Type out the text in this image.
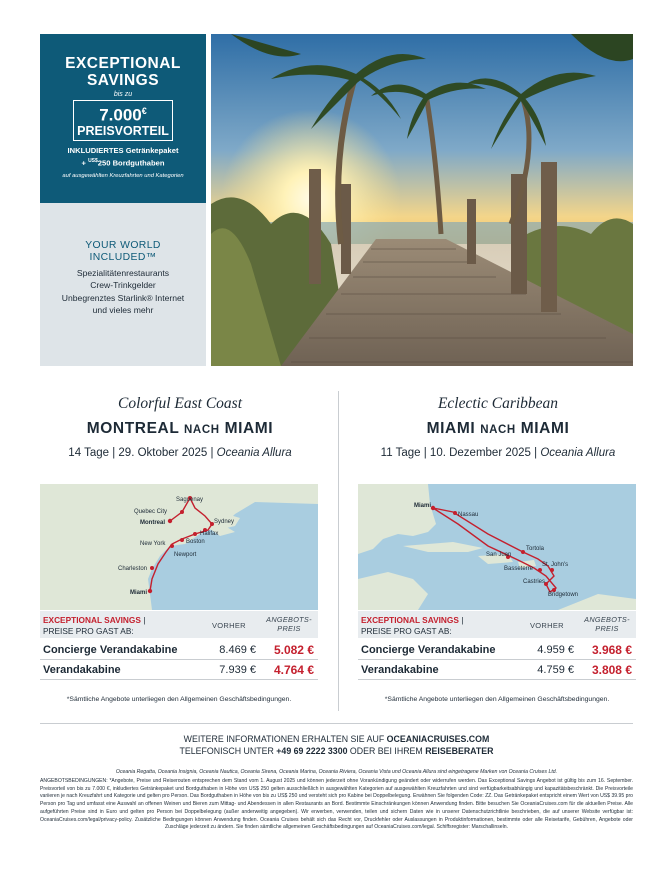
EXCEPTIONAL
SAVINGS
bis zu
7.000€
PREISVORTEIL
INKLUDIERTES Getränkepaket
+ $^{US\$}$250 Bordguthaben
auf ausgewählten Kreuzfahrten und Kategorien
YOUR WORLD
INCLUDED™
Spezialitätenrestaurants
Crew-Trinkgelder
Unbegrenztes Starlink® Internet
und vieles mehr
Colorful East Coast
MONTREAL NACH MIAMI
14 Tage | 29. Oktober 2025 | Oceania Allura
Saguenay
Quebec City
Montreal	Sydney
Halifax
Boston
New York
Newport
Charleston
Miami
EXCEPTIONAL SAVINGS |
PREISE PRO GAST AB:
VORHER
ANGEBOTS-
PREIS
Concierge Verandakabine	8.469 €	5.082 €
Verandakabine	7.939 €	4.764 €
*Sämtliche Angebote unterliegen den Allgemeinen Geschäftsbedingungen.
Eclectic Caribbean
MIAMI NACH MIAMI
11 Tage | 10. Dezember 2025 | Oceania Allura
Miami
Nassau
Tortola
San Juan
St. John's
Basseterre
Castries
Bridgetown
EXCEPTIONAL SAVINGS |
PREISE PRO GAST AB:
VORHER
ANGEBOTS-
PREIS
Concierge Verandakabine	4.959 €	3.968 €
Verandakabine	4.759 €	3.808 €
*Sämtliche Angebote unterliegen den Allgemeinen Geschäftsbedingungen.
WEITERE INFORMATIONEN ERHALTEN SIE AUF OCEANIACRUISES.COM
TELEFONISCH UNTER +49 69 2222 3300 ODER BEI IHREM REISEBERATER
Oceania Regatta, Oceania Insignia, Oceania Nautica, Oceania Sirena, Oceania Marina, Oceania Riviera, Oceania Vista und Oceania Allura sind eingetragene Marken von Oceania Cruises Ltd.
ANGEBOTSBEDINGUNGEN: *Angebote, Preise und Reiserouten entsprechen dem Stand vom 1. August 2025 und können jederzeit ohne Vorankündigung geändert oder widerrufen werden. Das Exceptional Savings Angebot ist gültig bis zum 16. September. Preisvorteil von bis zu 7.000 €, inkludiertes Getränkepaket und Bordguthaben in Höhe von US$ 250 gelten ausschließlich in ausgewählten Kategorien auf ausgewählten Kreuzfahrten und sind verfügbarkeitsabhängig und kapazitätsbeschränkt. Die Preisvorteile variieren je nach Kreuzfahrt und Kategorie und gelten pro Person. Das Bordguthaben in Höhe von bis zu US$ 250 und versteht sich pro Kabine bei Doppelbelegung. Erwähnen Sie folgenden Code: ZZ. Das Getränkepaket entspricht einem Wert von US$ 39.95 pro Person pro Tag und umfasst eine Auswahl an offenen Weinen und Bieren zum Mittag- und Abendessen in allen Restaurants an Bord. Bestimmte Einschränkungen können Anwendung finden. Bitte besuchen Sie OceaniaCruises.com für die aktuellen Preise. Alle aufgeführten Preise sind in Euro und gelten pro Person bei Doppelbelegung (außer anderweitig angegeben). Wir erwerben, verwenden, teilen und sichern Daten wie in unserer Datenschutzrichtlinie beschrieben, die auf unserer Website verfügbar ist: OceaniaCruises.com/legal/privacy-policy. Zusätzliche Bedingungen können Anwendung finden. Oceania Cruises behält sich das Recht vor, Druckfehler oder Auslassungen in Produktinformationen, bestimmte oder alle Reisetarife, Gebühren, Angebote oder Zuschläge jederzeit zu ändern. Sie finden sämtliche allgemeinen Geschäftsbedingungen auf OceaniaCruises.com/legal. Schiffsregister: Marschallinseln.
